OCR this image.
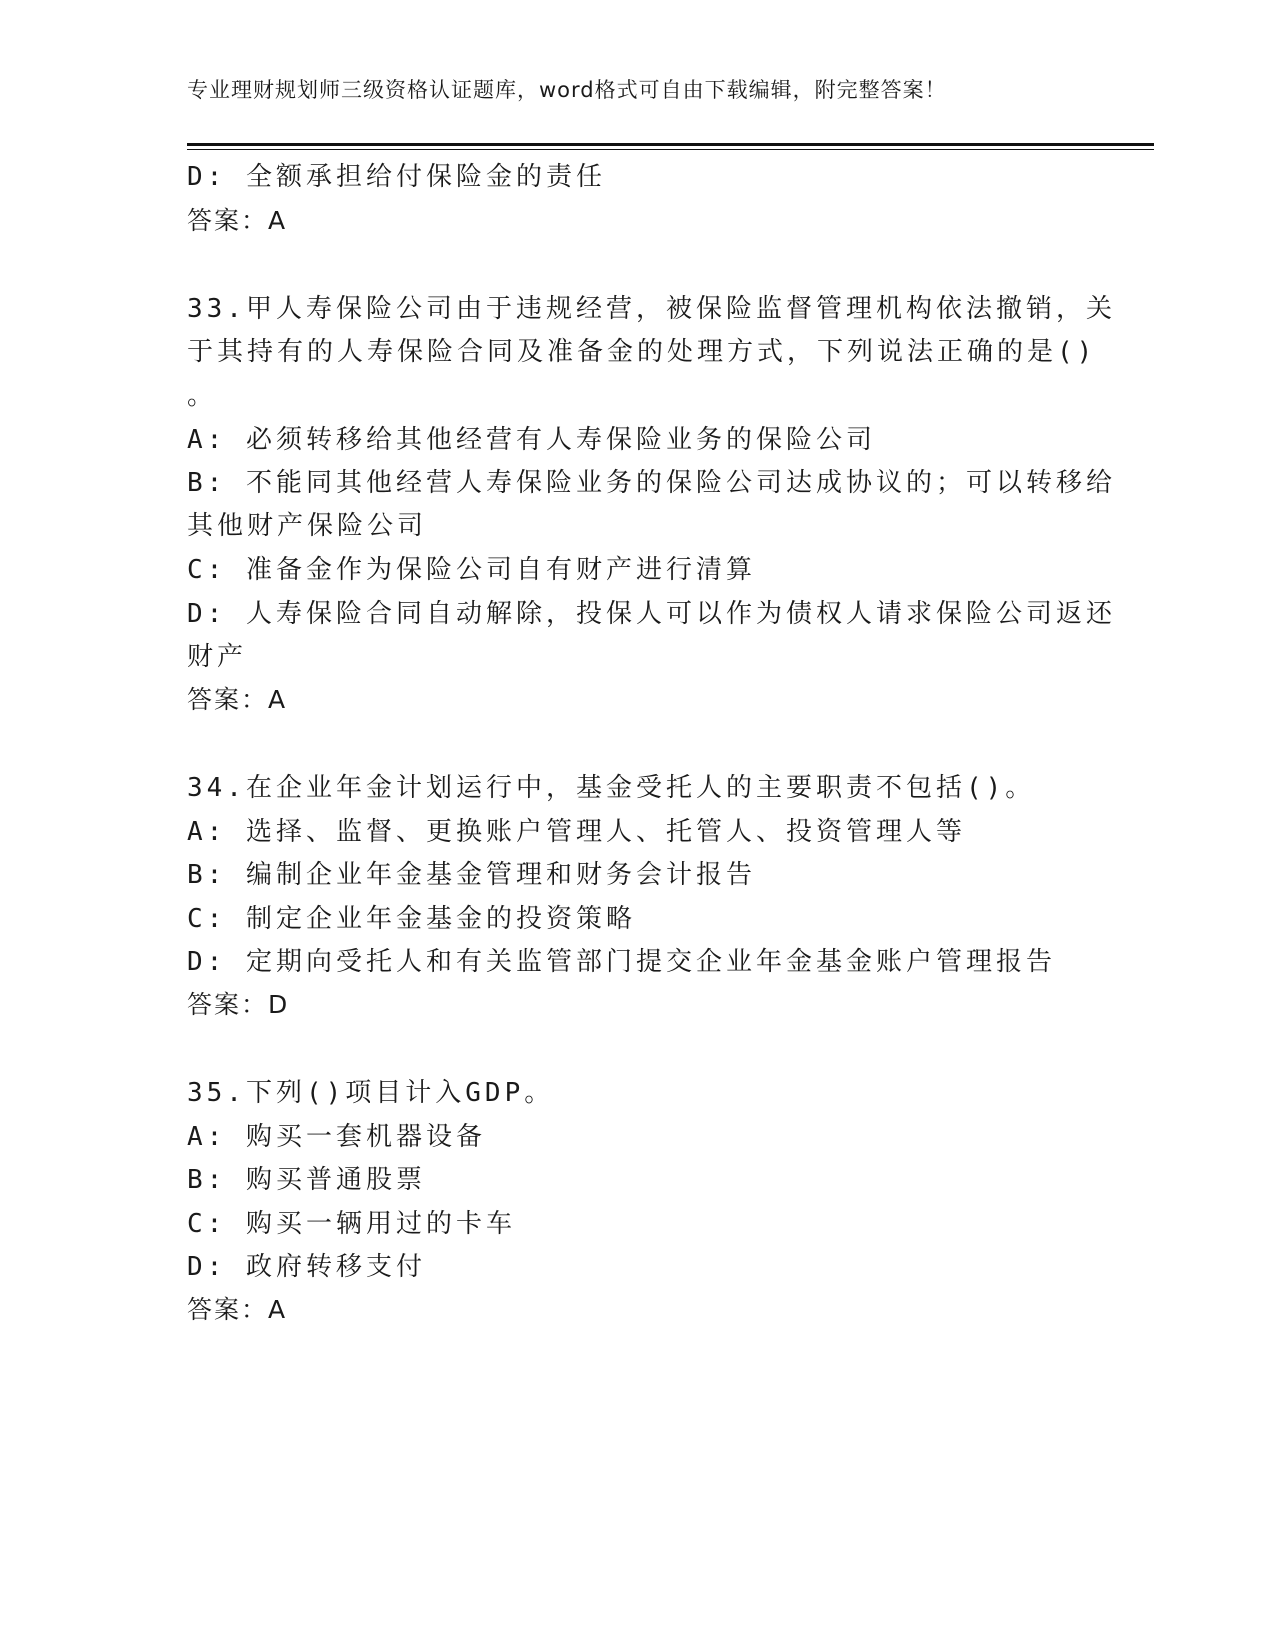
专业理财规划师三级资格认证题库，word格式可自由下载编辑，附完整答案！
D: 全额承担给付保险金的责任
答案：A
33.甲人寿保险公司由于违规经营，被保险监督管理机构依法撤销，关
于其持有的人寿保险合同及准备金的处理方式，下列说法正确的是()
。
A: 必须转移给其他经营有人寿保险业务的保险公司
B: 不能同其他经营人寿保险业务的保险公司达成协议的；可以转移给
其他财产保险公司
C: 准备金作为保险公司自有财产进行清算
D: 人寿保险合同自动解除，投保人可以作为债权人请求保险公司返还
财产
答案：A
34.在企业年金计划运行中，基金受托人的主要职责不包括()。
A: 选择、监督、更换账户管理人、托管人、投资管理人等
B: 编制企业年金基金管理和财务会计报告
C: 制定企业年金基金的投资策略
D: 定期向受托人和有关监管部门提交企业年金基金账户管理报告
答案：D
35.下列()项目计入GDP。
A: 购买一套机器设备
B: 购买普通股票
C: 购买一辆用过的卡车
D: 政府转移支付
答案：A
